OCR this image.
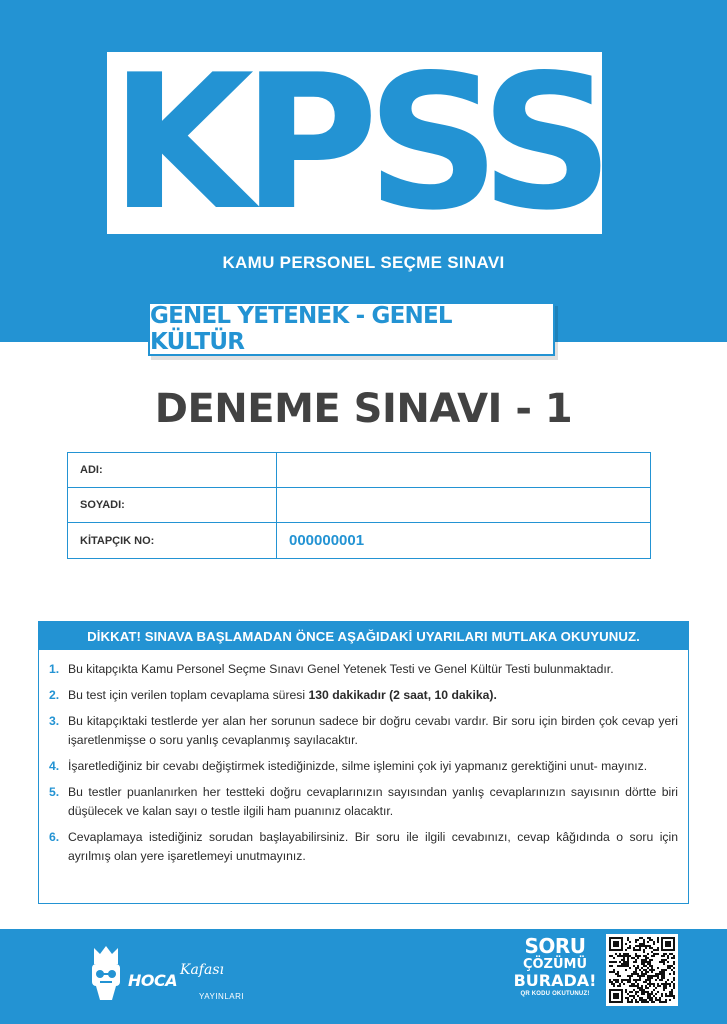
KPSS
KAMU PERSONEL SEÇME SINAVI
GENEL YETENEK - GENEL KÜLTÜR
DENEME SINAVI - 1
ADI:
SOYADI:
KİTAPÇIK NO:	000000001
DİKKAT! SINAVA BAŞLAMADAN ÖNCE AŞAĞIDAKİ UYARILARI MUTLAKA OKUYUNUZ.
1. Bu kitapçıkta Kamu Personel Seçme Sınavı Genel Yetenek Testi ve Genel Kültür Testi bulunmaktadır.
2. Bu test için verilen toplam cevaplama süresi 130 dakikadır (2 saat, 10 dakika).
3. Bu kitapçıktaki testlerde yer alan her sorunun sadece bir doğru cevabı vardır. Bir soru için birden çok cevap yeri işaretlenmişse o soru yanlış cevaplanmış sayılacaktır.
4. İşaretlediğiniz bir cevabı değiştirmek istediğinizde, silme işlemini çok iyi yapmanız gerektiğini unut- mayınız.
5. Bu testler puanlanırken her testteki doğru cevaplarınızın sayısından yanlış cevaplarınızın sayısının dörtte biri düşülecek ve kalan sayı o testle ilgili ham puanınız olacaktır.
6. Cevaplamaya istediğiniz sorudan başlayabilirsiniz. Bir soru ile ilgili cevabınızı, cevap kâğıdında o soru için ayrılmış olan yere işaretlemeyi unutmayınız.
HOCA
Kafası
YAYINLARI
SORU
ÇÖZÜMÜ
BURADA!
QR KODU OKUTUNUZ!
